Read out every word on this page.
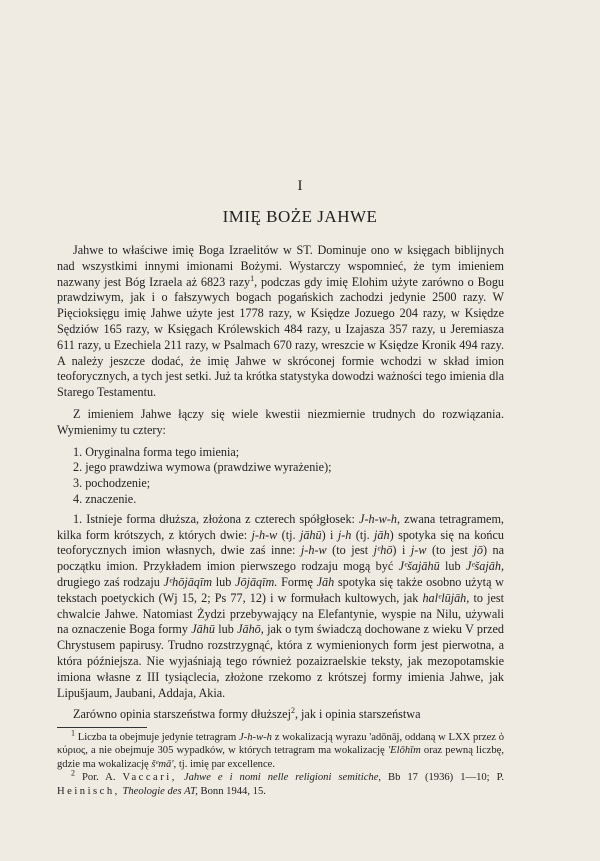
I
IMIĘ BOŻE JAHWE

Jahwe to właściwe imię Boga Izraelitów w ST. Dominuje ono w księgach biblijnych nad wszystkimi innymi imionami Bożymi. Wystarczy wspomnieć, że tym imieniem nazwany jest Bóg Izraela aż 6823 razy$^1$, podczas gdy imię Elohim użyte zarówno o Bogu prawdziwym, jak i o fałszywych bogach pogańskich zachodzi jedynie 2500 razy. W Pięcioksięgu imię Jahwe użyte jest 1778 razy, w Księdze Jozuego 204 razy, w Księdze Sędziów 165 razy, w Księgach Królewskich 484 razy, u Izajasza 357 razy, u Jeremiasza 611 razy, u Ezechiela 211 razy, w Psalmach 670 razy, wreszcie w Księdze Kronik 494 razy. A należy jeszcze dodać, że imię Jahwe w skróconej formie wchodzi w skład imion teoforycznych, a tych jest setki. Już ta krótka statystyka dowodzi ważności tego imienia dla Starego Testamentu.

Z imieniem Jahwe łączy się wiele kwestii niezmiernie trudnych do rozwiązania. Wymienimy tu cztery:

1. Oryginalna forma tego imienia;
2. jego prawdziwa wymowa (prawdziwe wyrażenie);
3. pochodzenie;
4. znaczenie.

1. Istnieje forma dłuższa, złożona z czterech spółgłosek: J-h-w-h, zwana tetragramem, kilka form krótszych, z których dwie: j-h-w (tj. jāhū) i j-h (tj. jāh) spotyka się na końcu teoforycznych imion własnych, dwie zaś inne: j-h-w (to jest jᵉhō) i j-w (to jest jō) na początku imion. Przykładem imion pierwszego rodzaju mogą być Jᵉšajāhū lub Jᵉšajāh, drugiego zaś rodzaju Jᵉhōjāqīm lub Jōjāqīm. Formę Jāh spotyka się także osobno użytą w tekstach poetyckich (Wj 15, 2; Ps 77, 12) i w formułach kultowych, jak halᵉlūjāh, to jest chwalcie Jahwe. Natomiast Żydzi przebywający na Elefantynie, wyspie na Nilu, używali na oznaczenie Boga formy Jāhū lub Jāhō, jak o tym świadczą dochowane z wieku V przed Chrystusem papirusy. Trudno rozstrzygnąć, która z wymienionych form jest pierwotna, a która późniejsza. Nie wyjaśniają tego również pozaizraelskie teksty, jak mezopotamskie imiona własne z III tysiąclecia, złożone rzekomo z krótszej formy imienia Jahwe, jak Lipušjaum, Jaubani, Addaja, Akia.

Zarówno opinia starszeństwa formy dłuższej$^2$, jak i opinia starszeństwa

$^1$ Liczba ta obejmuje jedynie tetragram J-h-w-h z wokalizacją wyrazu 'adōnāj, oddaną w LXX przez ὁ κύριος, a nie obejmuje 305 wypadków, w których tetragram ma wokalizację 'Elōhīm oraz pewną liczbę, gdzie ma wokalizację šᵉmā', tj. imię par excellence.

$^2$ Por. A. Vaccari, Jahwe e i nomi nelle religioni semitiche, Bb 17 (1936) 1—10; P. Heinisch, Theologie des AT, Bonn 1944, 15.
